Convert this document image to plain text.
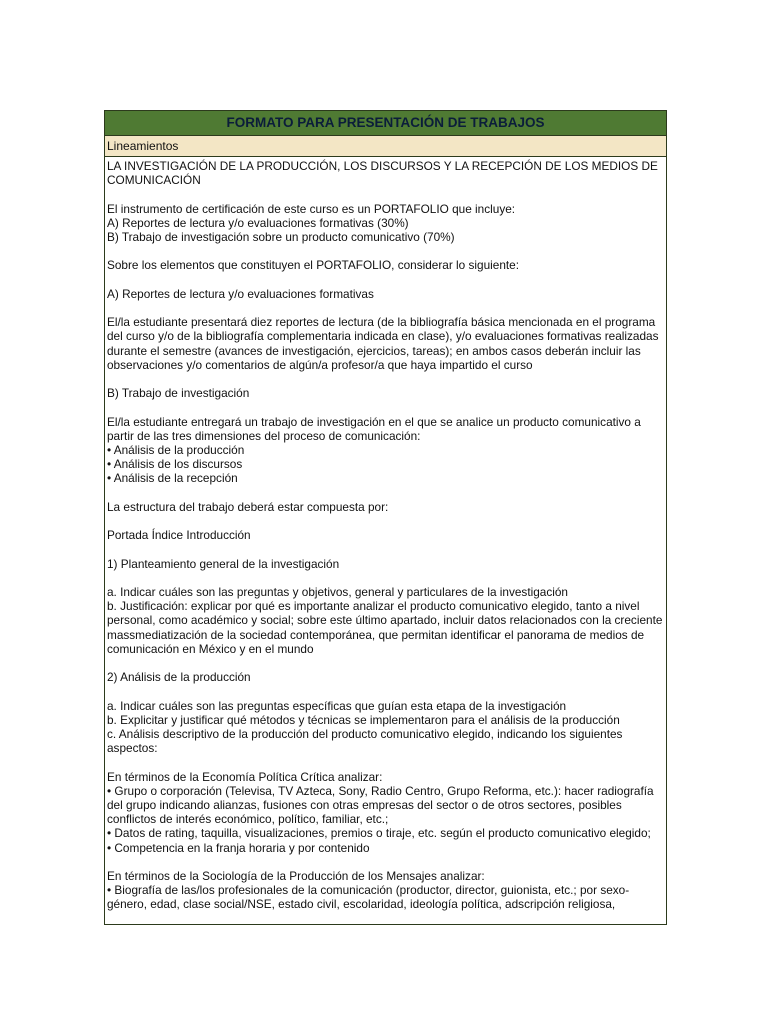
FORMATO PARA PRESENTACIÓN DE TRABAJOS
Lineamientos

LA INVESTIGACIÓN DE LA PRODUCCIÓN, LOS DISCURSOS Y LA RECEPCIÓN DE LOS MEDIOS DE COMUNICACIÓN

El instrumento de certificación de este curso es un PORTAFOLIO que incluye:

A) Reportes de lectura y/o evaluaciones formativas (30%)

B) Trabajo de investigación sobre un producto comunicativo (70%)

Sobre los elementos que constituyen el PORTAFOLIO, considerar lo siguiente:

A) Reportes de lectura y/o evaluaciones formativas

El/la estudiante presentará diez reportes de lectura (de la bibliografía básica mencionada en el programa del curso y/o de la bibliografía complementaria indicada en clase), y/o evaluaciones formativas realizadas durante el semestre (avances de investigación, ejercicios, tareas); en ambos casos deberán incluir las observaciones y/o comentarios de algún/a profesor/a que haya impartido el curso

B) Trabajo de investigación

El/la estudiante entregará un trabajo de investigación en el que se analice un producto comunicativo a partir de las tres dimensiones del proceso de comunicación:

• Análisis de la producción

• Análisis de los discursos

• Análisis de la recepción

La estructura del trabajo deberá estar compuesta por:

Portada Índice Introducción

1) Planteamiento general de la investigación

a. Indicar cuáles son las preguntas y objetivos, general y particulares de la investigación

b. Justificación: explicar por qué es importante analizar el producto comunicativo elegido, tanto a nivel personal, como académico y social; sobre este último apartado, incluir datos relacionados con la creciente massmediatización de la sociedad contemporánea, que permitan identificar el panorama de medios de comunicación en México y en el mundo

2) Análisis de la producción

a. Indicar cuáles son las preguntas específicas que guían esta etapa de la investigación

b. Explicitar y justificar qué métodos y técnicas se implementaron para el análisis de la producción

c. Análisis descriptivo de la producción del producto comunicativo elegido, indicando los siguientes aspectos:

En términos de la Economía Política Crítica analizar:

• Grupo o corporación (Televisa, TV Azteca, Sony, Radio Centro, Grupo Reforma, etc.): hacer radiografía del grupo indicando alianzas, fusiones con otras empresas del sector o de otros sectores, posibles conflictos de interés económico, político, familiar, etc.;

• Datos de rating, taquilla, visualizaciones, premios o tiraje, etc. según el producto comunicativo elegido;

• Competencia en la franja horaria y por contenido

En términos de la Sociología de la Producción de los Mensajes analizar:

• Biografía de las/los profesionales de la comunicación (productor, director, guionista, etc.; por sexo-género, edad, clase social/NSE, estado civil, escolaridad, ideología política, adscripción religiosa,
